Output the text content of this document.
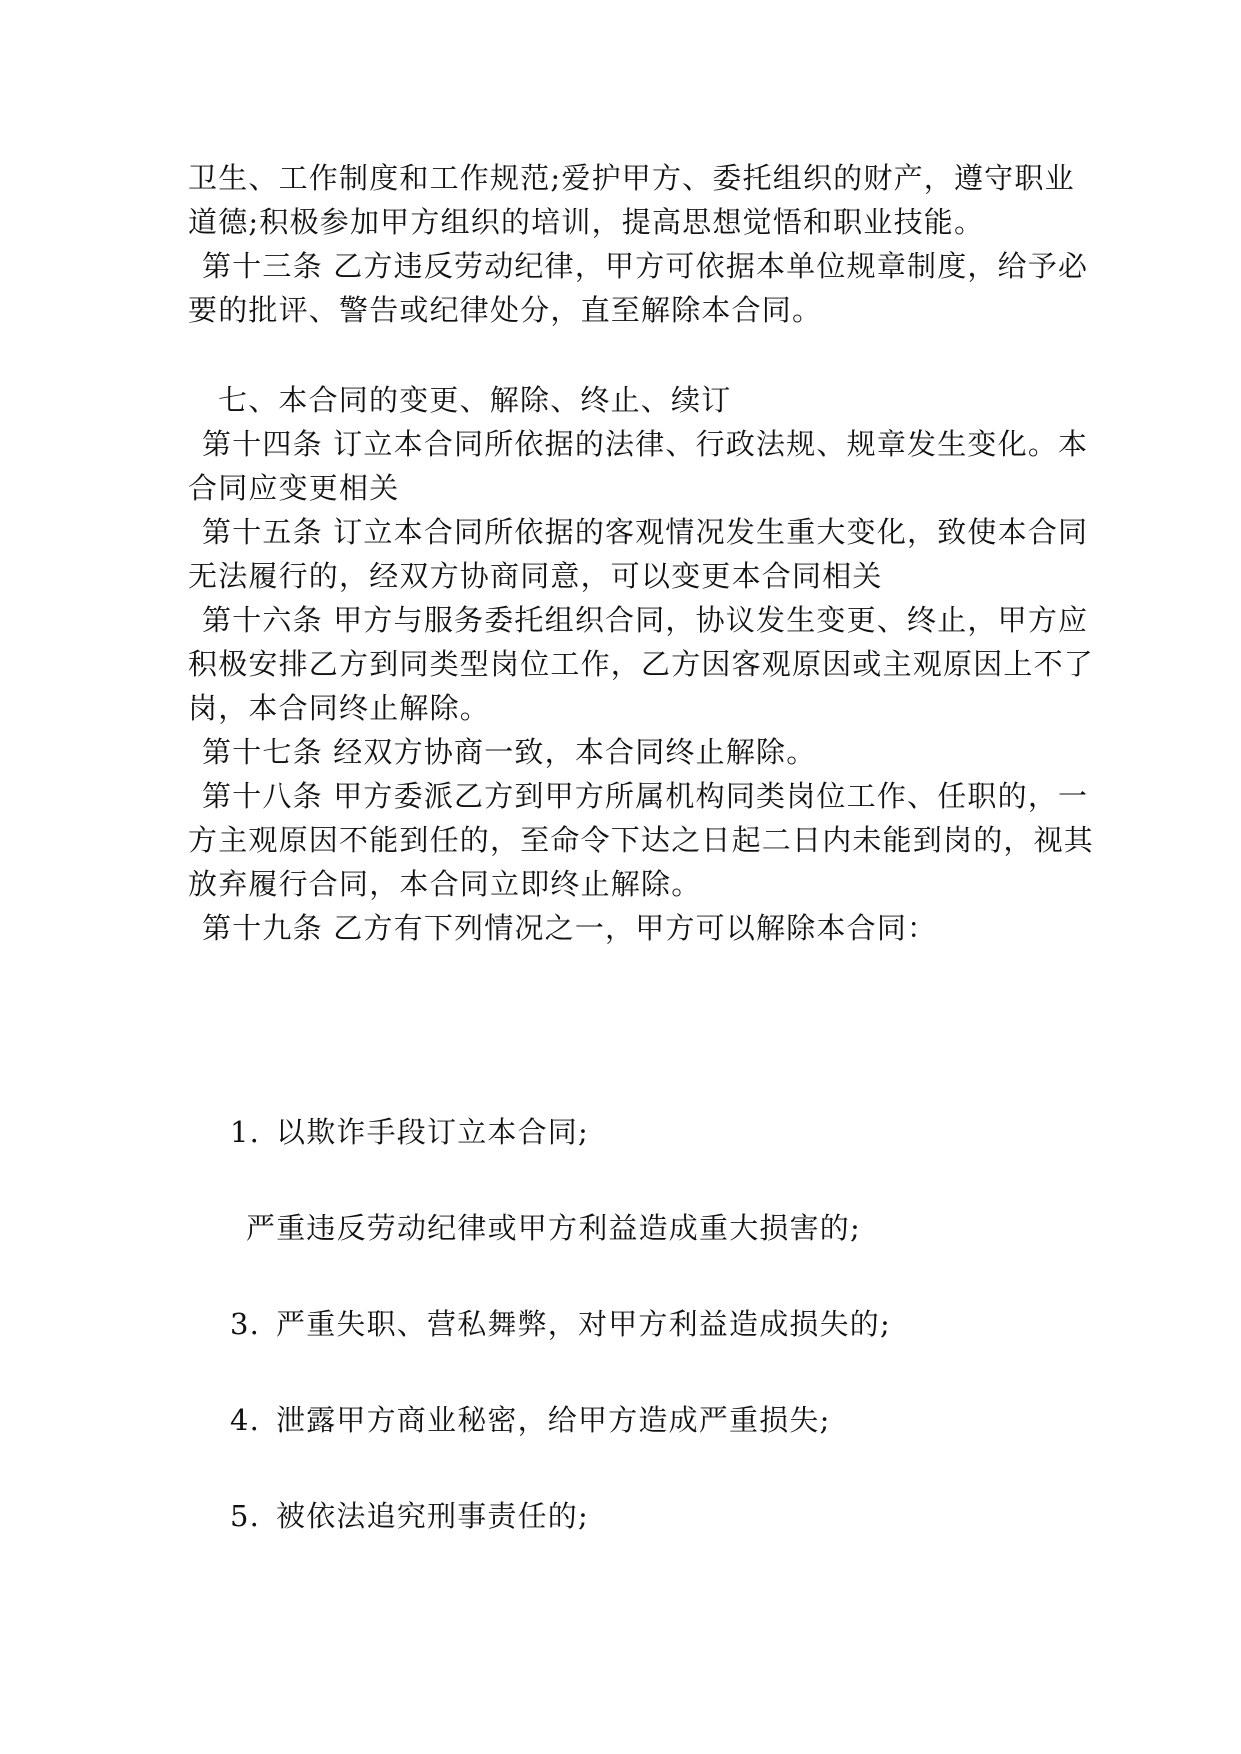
卫生、工作制度和工作规范;爱护甲方、委托组织的财产，遵守职业
道德;积极参加甲方组织的培训，提高思想觉悟和职业技能。
第十三条 乙方违反劳动纪律，甲方可依据本单位规章制度，给予必
要的批评、警告或纪律处分，直至解除本合同。
七、本合同的变更、解除、终止、续订
第十四条 订立本合同所依据的法律、行政法规、规章发生变化。本
合同应变更相关
第十五条 订立本合同所依据的客观情况发生重大变化，致使本合同
无法履行的，经双方协商同意，可以变更本合同相关
第十六条 甲方与服务委托组织合同，协议发生变更、终止，甲方应
积极安排乙方到同类型岗位工作，乙方因客观原因或主观原因上不了
岗，本合同终止解除。
第十七条 经双方协商一致，本合同终止解除。
第十八条 甲方委派乙方到甲方所属机构同类岗位工作、任职的，一
方主观原因不能到任的，至命令下达之日起二日内未能到岗的，视其
放弃履行合同，本合同立即终止解除。
第十九条 乙方有下列情况之一，甲方可以解除本合同：
1. 以欺诈手段订立本合同;
严重违反劳动纪律或甲方利益造成重大损害的;
3. 严重失职、营私舞弊，对甲方利益造成损失的;
4. 泄露甲方商业秘密，给甲方造成严重损失;
5. 被依法追究刑事责任的;
